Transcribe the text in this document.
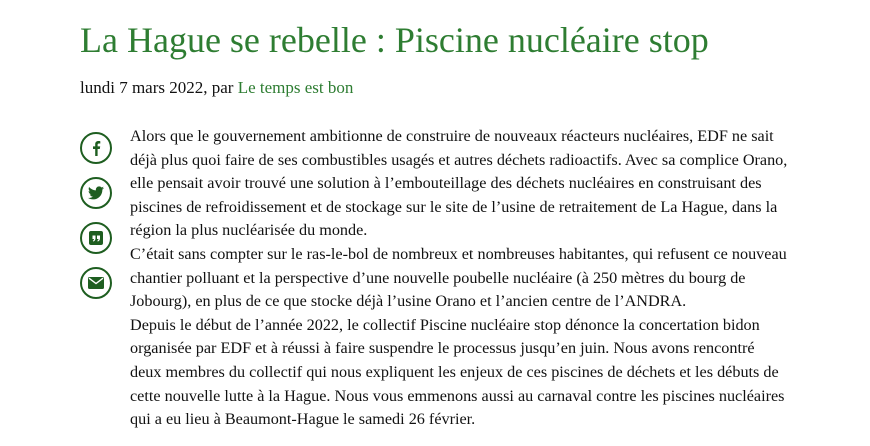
La Hague se rebelle : Piscine nucléaire stop
lundi 7 mars 2022, par Le temps est bon

Alors que le gouvernement ambitionne de construire de nouveaux réacteurs nucléaires, EDF ne sait déjà plus quoi faire de ses combustibles usagés et autres déchets radioactifs. Avec sa complice Orano, elle pensait avoir trouvé une solution à l’embouteillage des déchets nucléaires en construisant des piscines de refroidissement et de stockage sur le site de l’usine de retraitement de La Hague, dans la région la plus nucléarisée du monde.

C’était sans compter sur le ras-le-bol de nombreux et nombreuses habitantes, qui refusent ce nouveau chantier polluant et la perspective d’une nouvelle poubelle nucléaire (à 250 mètres du bourg de Jobourg), en plus de ce que stocke déjà l’usine Orano et l’ancien centre de l’ANDRA.

Depuis le début de l’année 2022, le collectif Piscine nucléaire stop dénonce la concertation bidon organisée par EDF et à réussi à faire suspendre le processus jusqu’en juin. Nous avons rencontré deux membres du collectif qui nous expliquent les enjeux de ces piscines de déchets et les débuts de cette nouvelle lutte à la Hague. Nous vous emmenons aussi au carnaval contre les piscines nucléaires qui a eu lieu à Beaumont-Hague le samedi 26 février.
